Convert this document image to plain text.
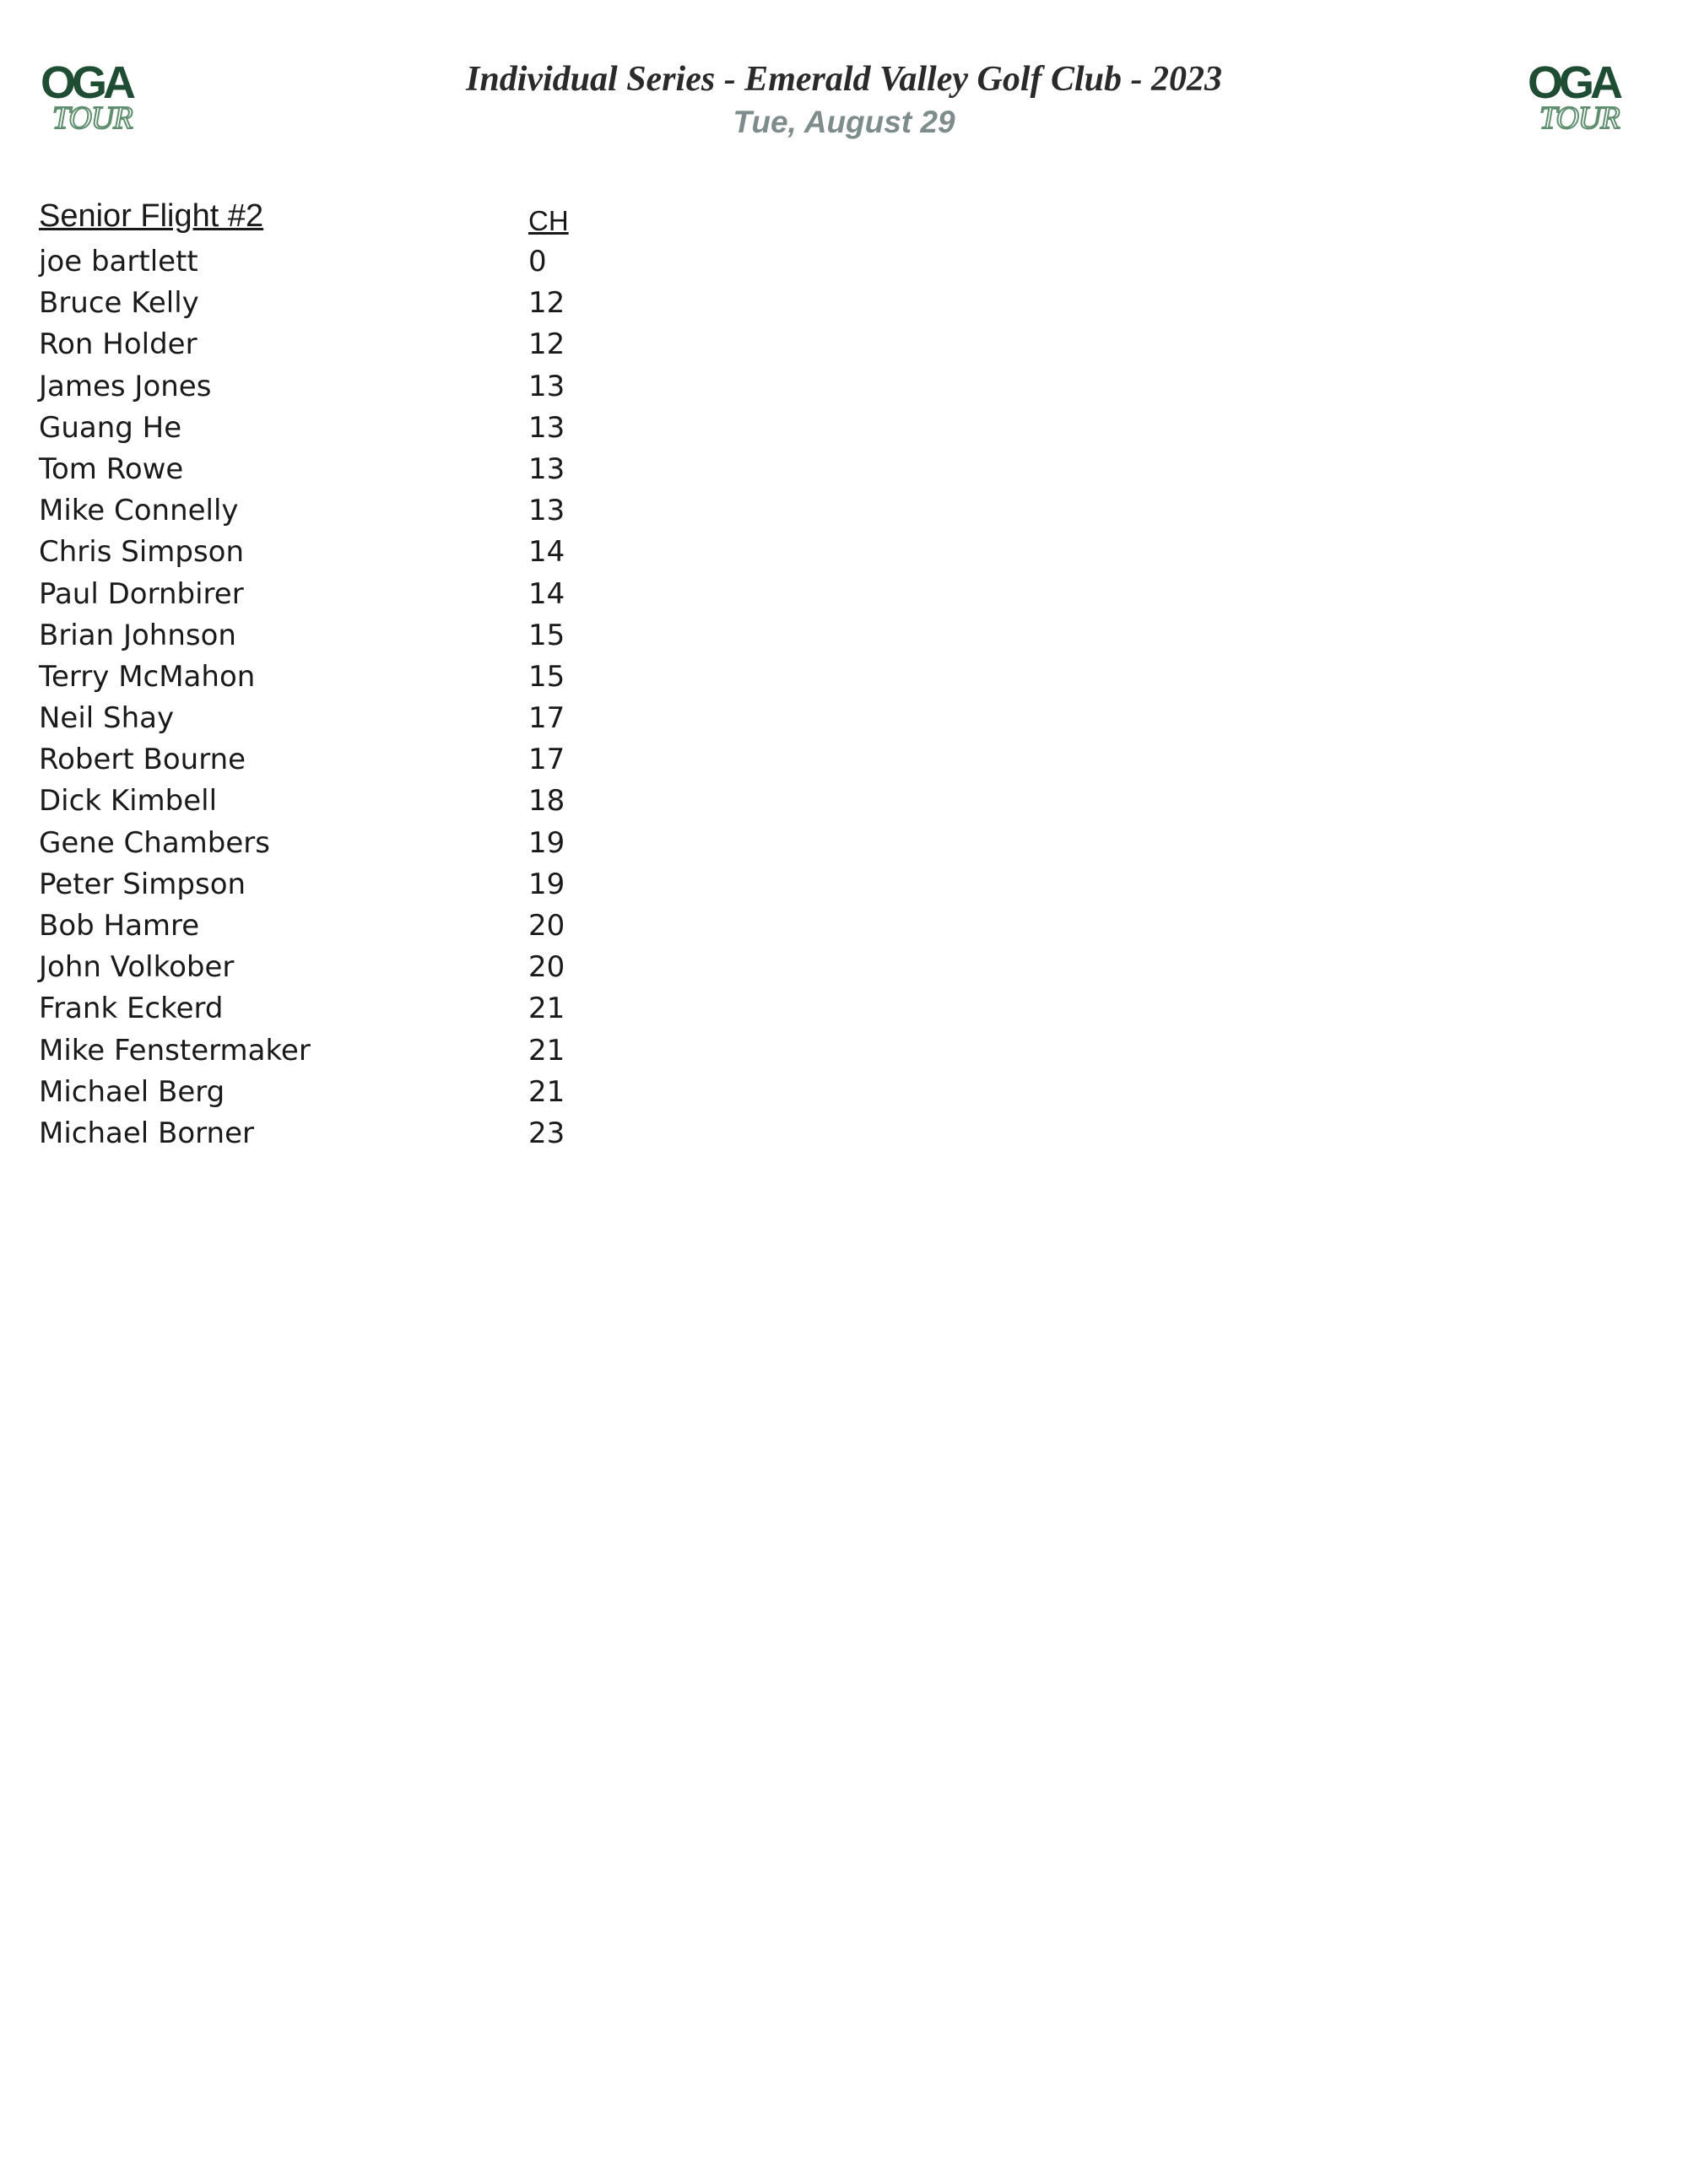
OGA
TOUR
Individual Series - Emerald Valley Golf Club - 2023
Tue, August 29
OGA
TOUR
Senior Flight #2	CH
joe bartlett	0
Bruce Kelly	12
Ron Holder	12
James Jones	13
Guang He	13
Tom Rowe	13
Mike Connelly	13
Chris Simpson	14
Paul Dornbirer	14
Brian Johnson	15
Terry McMahon	15
Neil Shay	17
Robert Bourne	17
Dick Kimbell	18
Gene Chambers	19
Peter Simpson	19
Bob Hamre	20
John Volkober	20
Frank Eckerd	21
Mike Fenstermaker	21
Michael Berg	21
Michael Borner	23
